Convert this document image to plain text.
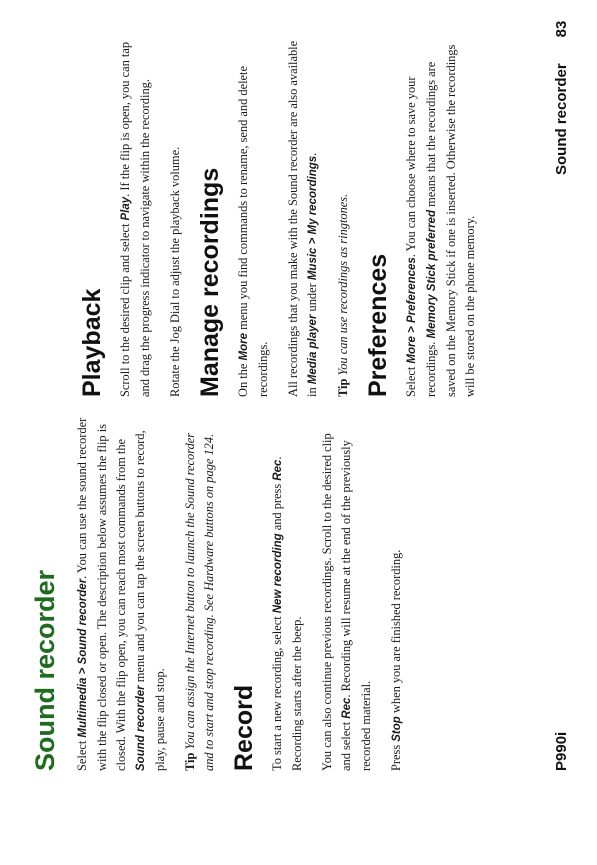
Sound recorder Select Multimedia > Sound recorder. You can use the sound recorder with the flip closed or open. The description below assumes the flip is closed. With the flip open, you can reach most commands from the Sound recorder menu and you can tap the screen buttons to record, play, pause and stop. Tip You can assign the Internet button to launch the Sound recorder and to start and stop recording. See Hardware buttons on page 124. Record To start a new recording, select New recording and press Rec. Recording starts after the beep. You can also continue previous recordings. Scroll to the desired clip and select Rec. Recording will resume at the end of the previously recorded material. Press Stop when you are finished recording.

Playback Scroll to the desired clip and select Play. If the flip is open, you can tap and drag the progress indicator to navigate within the recording. Rotate the Jog Dial to adjust the playback volume. Manage recordings On the More menu you find commands to rename, send and delete recordings. All recordings that you make with the Sound recorder are also available in Media player under Music > My recordings.

Tip You can use recordings as ringtones. Preferences Select More > Preferences. You can choose where to save your recordings. Memory Stick preferred means that the recordings are saved on the Memory Stick if one is inserted. Otherwise the recordings will be stored on the phone memory.

P990i
Sound recorder83
